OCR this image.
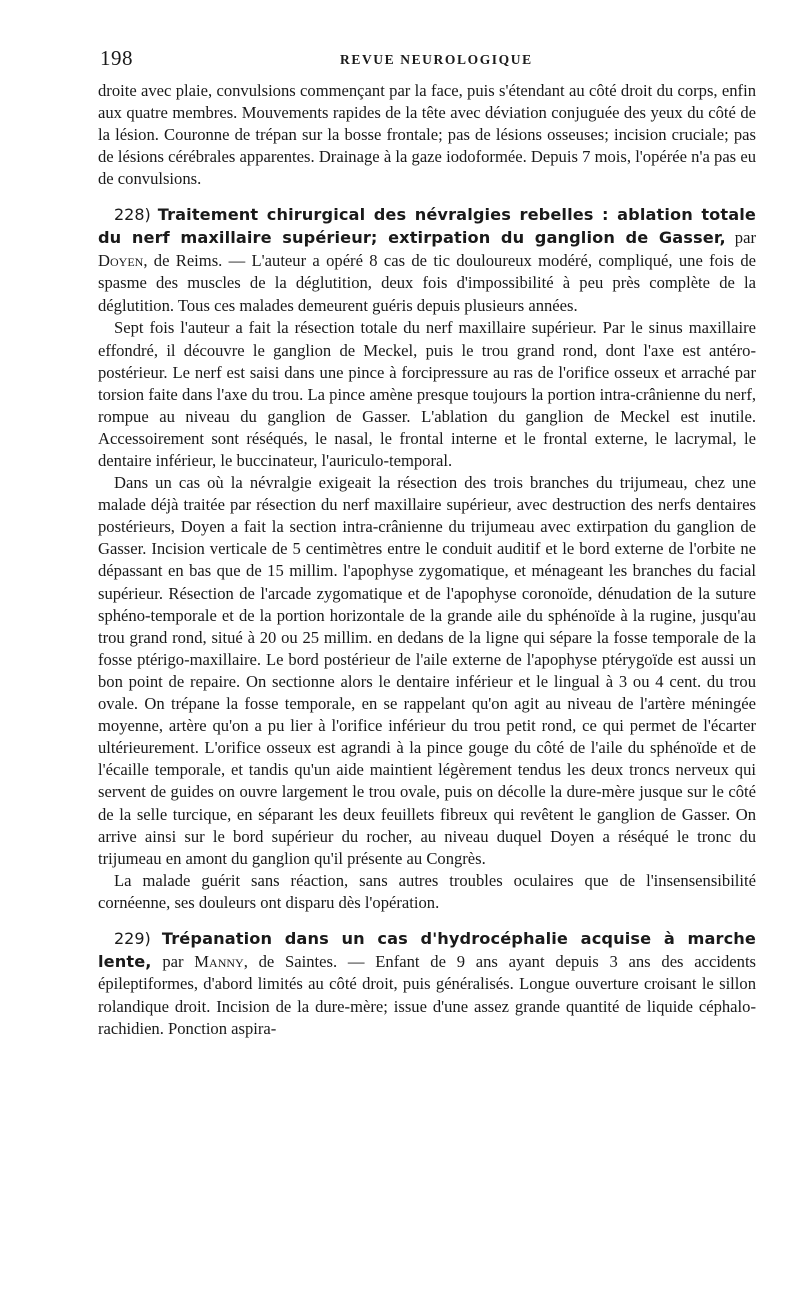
198	REVUE NEUROLOGIQUE

droite avec plaie, convulsions commençant par la face, puis s'étendant au côté droit du corps, enfin aux quatre membres. Mouvements rapides de la tête avec déviation conjuguée des yeux du côté de la lésion. Couronne de trépan sur la bosse frontale; pas de lésions osseuses; incision cruciale; pas de lésions cérébrales apparentes. Drainage à la gaze iodoformée. Depuis 7 mois, l'opérée n'a pas eu de convulsions.

228) Traitement chirurgical des névralgies rebelles : ablation totale du nerf maxillaire supérieur; extirpation du ganglion de Gasser, par Doyen, de Reims. — L'auteur a opéré 8 cas de tic douloureux modéré, compliqué, une fois de spasme des muscles de la déglutition, deux fois d'impossibilité à peu près complète de la déglutition. Tous ces malades demeurent guéris depuis plusieurs années.

Sept fois l'auteur a fait la résection totale du nerf maxillaire supérieur. Par le sinus maxillaire effondré, il découvre le ganglion de Meckel, puis le trou grand rond, dont l'axe est antéro-postérieur. Le nerf est saisi dans une pince à forcipressure au ras de l'orifice osseux et arraché par torsion faite dans l'axe du trou. La pince amène presque toujours la portion intra-crânienne du nerf, rompue au niveau du ganglion de Gasser. L'ablation du ganglion de Meckel est inutile. Accessoirement sont réséqués, le nasal, le frontal interne et le frontal externe, le lacrymal, le dentaire inférieur, le buccinateur, l'auriculo-temporal.

Dans un cas où la névralgie exigeait la résection des trois branches du trijumeau, chez une malade déjà traitée par résection du nerf maxillaire supérieur, avec destruction des nerfs dentaires postérieurs, Doyen a fait la section intra-crânienne du trijumeau avec extirpation du ganglion de Gasser. Incision verticale de 5 centimètres entre le conduit auditif et le bord externe de l'orbite ne dépassant en bas que de 15 millim. l'apophyse zygomatique, et ménageant les branches du facial supérieur. Résection de l'arcade zygomatique et de l'apophyse coronoïde, dénudation de la suture sphéno-temporale et de la portion horizontale de la grande aile du sphénoïde à la rugine, jusqu'au trou grand rond, situé à 20 ou 25 millim. en dedans de la ligne qui sépare la fosse temporale de la fosse ptérigo-maxillaire. Le bord postérieur de l'aile externe de l'apophyse ptérygoïde est aussi un bon point de repaire. On sectionne alors le dentaire inférieur et le lingual à 3 ou 4 cent. du trou ovale. On trépane la fosse temporale, en se rappelant qu'on agit au niveau de l'artère méningée moyenne, artère qu'on a pu lier à l'orifice inférieur du trou petit rond, ce qui permet de l'écarter ultérieurement. L'orifice osseux est agrandi à la pince gouge du côté de l'aile du sphénoïde et de l'écaille temporale, et tandis qu'un aide maintient légèrement tendus les deux troncs nerveux qui servent de guides on ouvre largement le trou ovale, puis on décolle la dure-mère jusque sur le côté de la selle turcique, en séparant les deux feuillets fibreux qui revêtent le ganglion de Gasser. On arrive ainsi sur le bord supérieur du rocher, au niveau duquel Doyen a réséqué le tronc du trijumeau en amont du ganglion qu'il présente au Congrès.

La malade guérit sans réaction, sans autres troubles oculaires que de l'insensensibilité cornéenne, ses douleurs ont disparu dès l'opération.

229) Trépanation dans un cas d'hydrocéphalie acquise à marche lente, par Manny, de Saintes. — Enfant de 9 ans ayant depuis 3 ans des accidents épileptiformes, d'abord limités au côté droit, puis généralisés. Longue ouverture croisant le sillon rolandique droit. Incision de la dure-mère; issue d'une assez grande quantité de liquide céphalo-rachidien. Ponction aspira-
